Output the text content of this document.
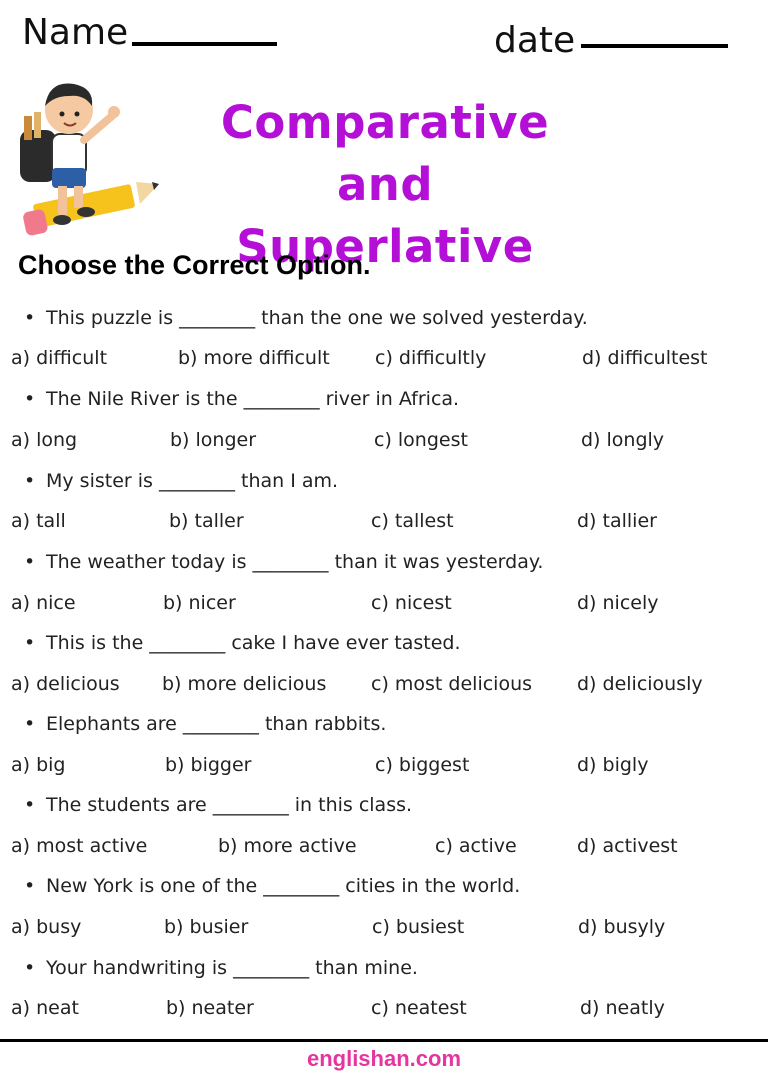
Name	date
Comparative and
Superlative
Choose the Correct Option.
• This puzzle is ________ than the one we solved yesterday.
a) difficult	b) more difficult c) difficultly	d) difficultest
• The Nile River is the ________ river in Africa.
a) long	b) longer	c) longest	d) longly
• My sister is ________ than I am.
a) tall	b) taller	c) tallest	d) tallier
• The weather today is ________ than it was yesterday.
a) nice	b) nicer	c) nicest	d) nicely
• This is the ________ cake I have ever tasted.
a) delicious b) more delicious c) most delicious d) deliciously
• Elephants are ________ than rabbits.
a) big	b) bigger	c) biggest	d) bigly
• The students are ________ in this class.
a) most active	b) more active	c) active	d) activest
• New York is one of the ________ cities in the world.
a) busy	b) busier	c) busiest	d) busyly
• Your handwriting is ________ than mine.
a) neat	b) neater	c) neatest	d) neatly
englishan.com
